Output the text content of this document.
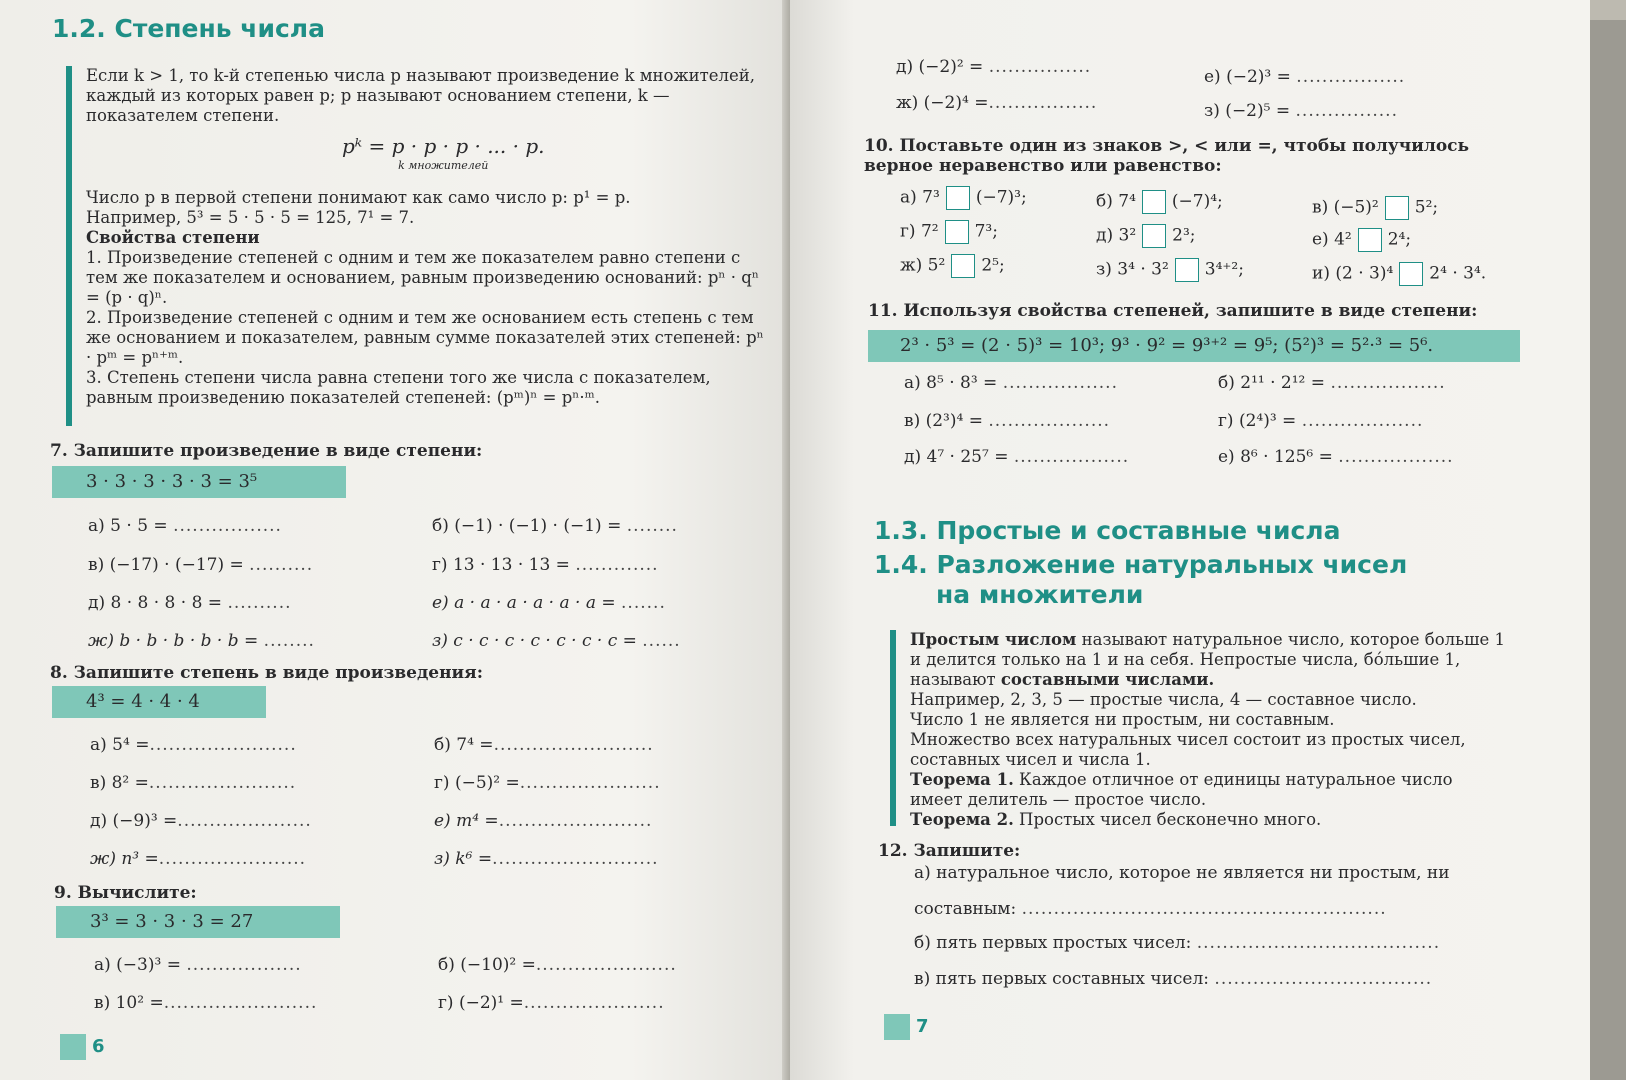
1.2. Степень числа

Если k > 1, то k-й степенью числа p называют произведение k множителей, каждый из которых равен p; p называют основанием степени, k — показателем степени.

pᵏ = p · p · p · ... · p.
k множителей

Число p в первой степени понимают как само число p: p¹ = p.

Например, 5³ = 5 · 5 · 5 = 125, 7¹ = 7.

Свойства степени

1. Произведение степеней с одним и тем же показателем равно степени с тем же показателем и основанием, равным произведению оснований: pⁿ · qⁿ = (p · q)ⁿ.

2. Произведение степеней с одним и тем же основанием есть степень с тем же основанием и показателем, равным сумме показателей этих степеней: pⁿ · pᵐ = pⁿ⁺ᵐ.

3. Степень степени числа равна степени того же числа с показателем, равным произведению показателей степеней: (pᵐ)ⁿ = pⁿ·ᵐ.

7. Запишите произведение в виде степени:
3 · 3 · 3 · 3 · 3 = 3⁵
а) 5 · 5 = .................	б) (−1) · (−1) · (−1) = ........
в) (−17) · (−17) = ..........	г) 13 · 13 · 13 = .............
д) 8 · 8 · 8 · 8 = ..........	е) a · a · a · a · a · a = .......
ж) b · b · b · b · b = ........	з) c · c · c · c · c · c · c = ......
8. Запишите степень в виде произведения:
4³ = 4 · 4 · 4
а) 5⁴ =.......................	б) 7⁴ =.........................
в) 8² =.......................	г) (−5)² =......................
д) (−9)³ =.....................	е) m⁴ =........................
ж) n³ =.......................	з) k⁶ =..........................
9. Вычислите:
3³ = 3 · 3 · 3 = 27
а) (−3)³ = ..................	б) (−10)² =......................
в) 10² =........................	г) (−2)¹ =......................
6
д) (−2)² = ................	е) (−2)³ = .................
ж) (−2)⁴ =.................	з) (−2)⁵ = ................
10. Поставьте один из знаков >, < или =, чтобы получилось верное неравенство или равенство:
а) 7³ (−7)³;	б) 7⁴ (−7)⁴;	в) (−5)² 5²;
г) 7² 7³;	д) 3² 2³;	е) 4² 2⁴;
ж) 5² 2⁵;	з) 3⁴ · 3² 3⁴⁺²;	и) (2 · 3)⁴ 2⁴ · 3⁴.
11. Используя свойства степеней, запишите в виде степени:
2³ · 5³ = (2 · 5)³ = 10³; 9³ · 9² = 9³⁺² = 9⁵; (5²)³ = 5²·³ = 5⁶.
а) 8⁵ · 8³ = ..................	б) 2¹¹ · 2¹² = ..................
в) (2³)⁴ = ...................	г) (2⁴)³ = ...................
д) 4⁷ · 25⁷ = ..................	е) 8⁶ · 125⁶ = ..................
1.3. Простые и составные числа
1.4. Разложение натуральных чисел
на множители

Простым числом называют натуральное число, которое больше 1 и делится только на 1 и на себя. Непростые числа, бо́льшие 1, называют составными числами.

Например, 2, 3, 5 — простые числа, 4 — составное число.

Число 1 не является ни простым, ни составным.

Множество всех натуральных чисел состоит из простых чисел, составных чисел и числа 1.

Теорема 1. Каждое отличное от единицы натуральное число имеет делитель — простое число.

Теорема 2. Простых чисел бесконечно много.

12. Запишите:
а) натуральное число, которое не является ни простым, ни
составным: .........................................................
б) пять первых простых чисел: ......................................
в) пять первых составных чисел: ..................................
7
